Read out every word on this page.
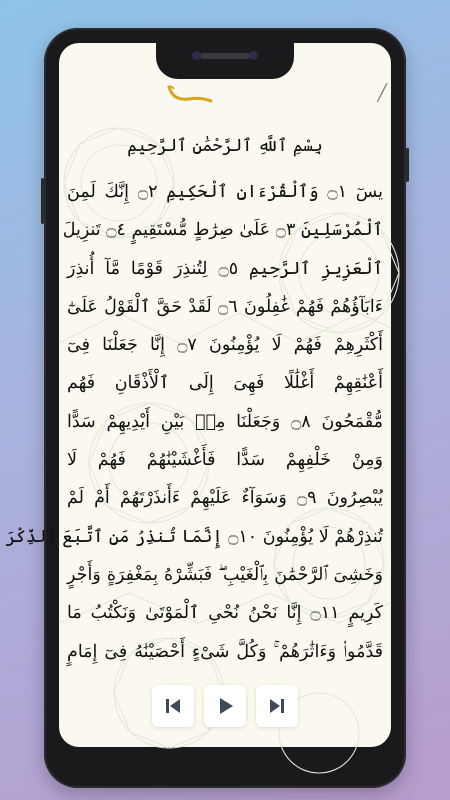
╱
بِسْمِ ٱللَّهِ ٱلرَّحْمَٰنِ ٱلرَّحِيمِ
يسٓ ۝١ وَٱلْقُرْءَانِ ٱلْحَكِيمِ ۝٢ إِنَّكَ لَمِنَ
ٱلْمُرْسَلِينَ ۝٣ عَلَىٰ صِرَٰطٍ مُّسْتَقِيمٍ ۝٤ تَنزِيلَ
ٱلْعَزِيزِ ٱلرَّحِيمِ ۝٥ لِتُنذِرَ قَوْمًا مَّآ أُنذِرَ
ءَابَآؤُهُمْ فَهُمْ غَٰفِلُونَ ۝٦ لَقَدْ حَقَّ ٱلْقَوْلُ عَلَىٰٓ
أَكْثَرِهِمْ فَهُمْ لَا يُؤْمِنُونَ ۝٧ إِنَّا جَعَلْنَا فِىٓ
أَعْنَٰقِهِمْ أَغْلَٰلًا فَهِىَ إِلَى ٱلْأَذْقَانِ فَهُم
مُّقْمَحُونَ ۝٨ وَجَعَلْنَا مِنۢ بَيْنِ أَيْدِيهِمْ سَدًّا
وَمِنْ خَلْفِهِمْ سَدًّا فَأَغْشَيْنَٰهُمْ فَهُمْ لَا
يُبْصِرُونَ ۝٩ وَسَوَآءٌ عَلَيْهِمْ ءَأَنذَرْتَهُمْ أَمْ لَمْ
تُنذِرْهُمْ لَا يُؤْمِنُونَ ۝١٠ إِنَّمَا تُنذِرُ مَنِ ٱتَّبَعَ ٱلذِّكْرَ
وَخَشِىَ ٱلرَّحْمَٰنَ بِٱلْغَيْبِ ۖ فَبَشِّرْهُ بِمَغْفِرَةٍ وَأَجْرٍ
كَرِيمٍ ۝١١ إِنَّا نَحْنُ نُحْىِ ٱلْمَوْتَىٰ وَنَكْتُبُ مَا
قَدَّمُوا۟ وَءَاثَٰرَهُمْ ۚ وَكُلَّ شَىْءٍ أَحْصَيْنَٰهُ فِىٓ إِمَامٍ
